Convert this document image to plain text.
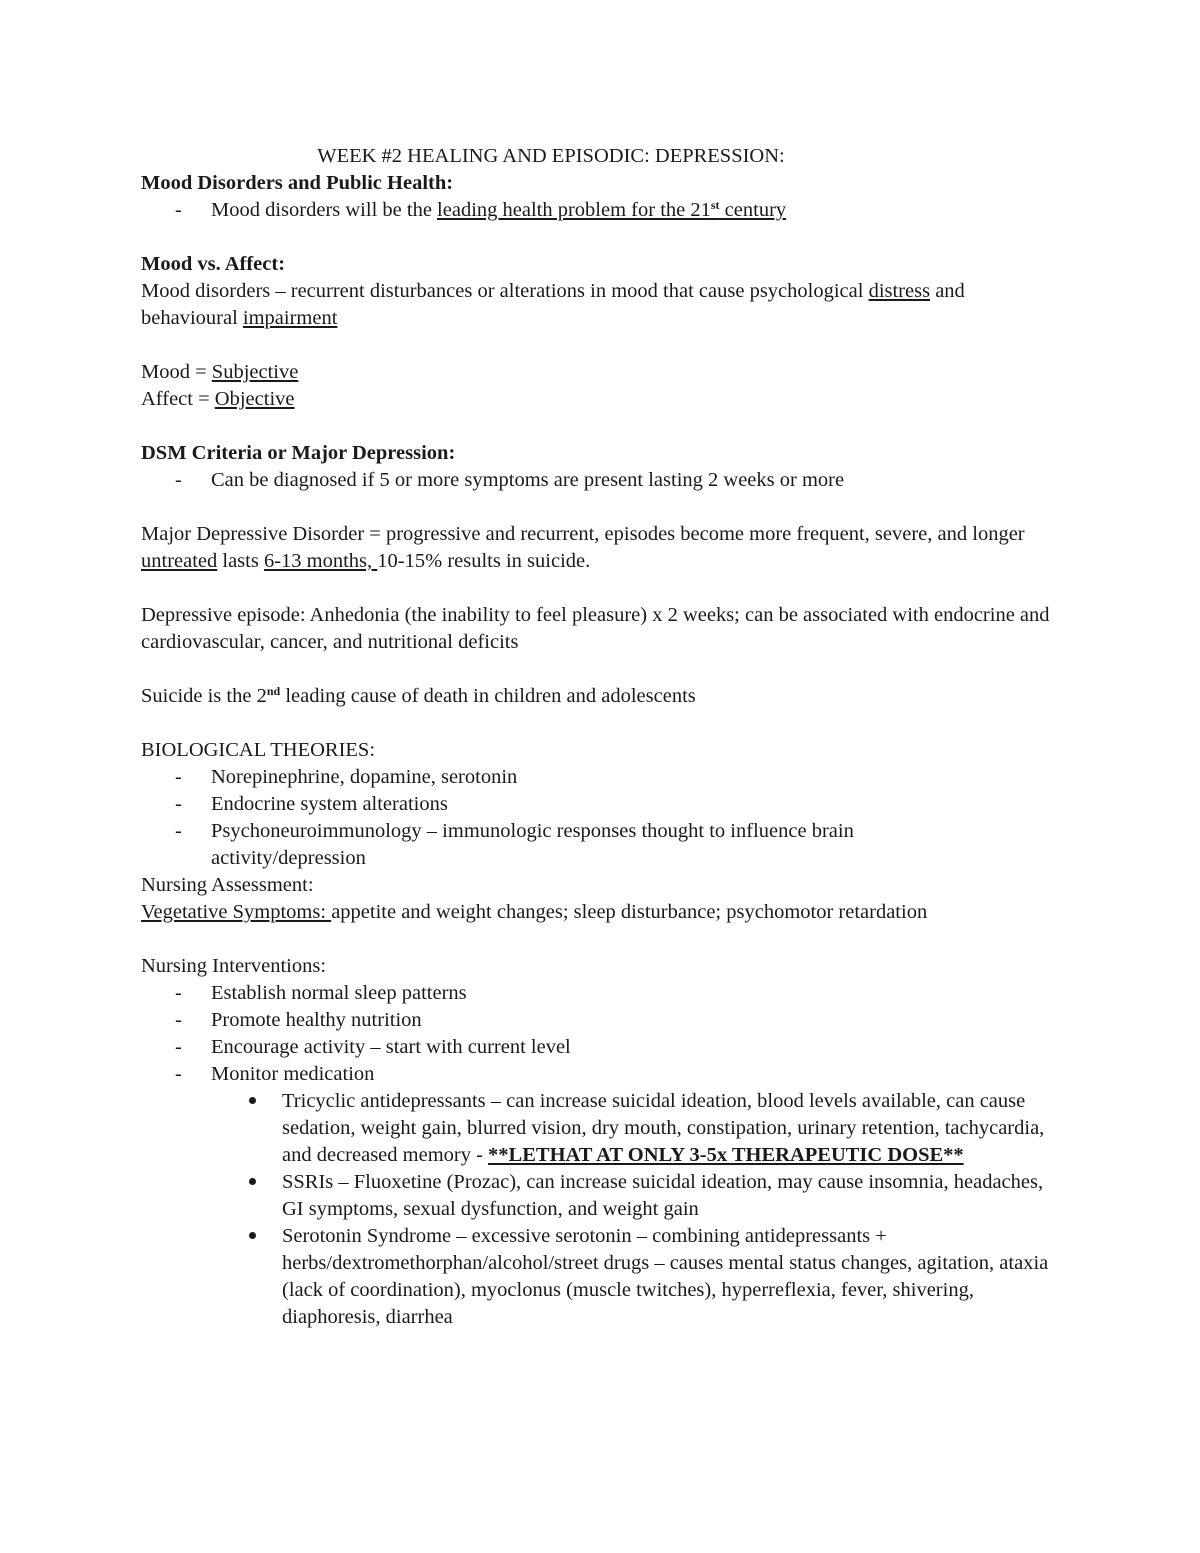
WEEK #2 HEALING AND EPISODIC: DEPRESSION:
Mood Disorders and Public Health:
- Mood disorders will be the leading health problem for the 21st century
Mood vs. Affect:
Mood disorders – recurrent disturbances or alterations in mood that cause psychological distress and behavioural impairment
Mood = Subjective
Affect = Objective
DSM Criteria or Major Depression:
- Can be diagnosed if 5 or more symptoms are present lasting 2 weeks or more
Major Depressive Disorder = progressive and recurrent, episodes become more frequent, severe, and longer untreated lasts 6-13 months, 10-15% results in suicide.
Depressive episode: Anhedonia (the inability to feel pleasure) x 2 weeks; can be associated with endocrine and cardiovascular, cancer, and nutritional deficits
Suicide is the 2nd leading cause of death in children and adolescents
BIOLOGICAL THEORIES:
- Norepinephrine, dopamine, serotonin
- Endocrine system alterations
- Psychoneuroimmunology – immunologic responses thought to influence brain activity/depression
Nursing Assessment:
Vegetative Symptoms: appetite and weight changes; sleep disturbance; psychomotor retardation
Nursing Interventions:
- Establish normal sleep patterns
- Promote healthy nutrition
- Encourage activity – start with current level
- Monitor medication
Tricyclic antidepressants – can increase suicidal ideation, blood levels available, can cause sedation, weight gain, blurred vision, dry mouth, constipation, urinary retention, tachycardia, and decreased memory - **LETHAT AT ONLY 3-5x THERAPEUTIC DOSE**
SSRIs – Fluoxetine (Prozac), can increase suicidal ideation, may cause insomnia, headaches, GI symptoms, sexual dysfunction, and weight gain
Serotonin Syndrome – excessive serotonin – combining antidepressants + herbs/dextromethorphan/alcohol/street drugs – causes mental status changes, agitation, ataxia (lack of coordination), myoclonus (muscle twitches), hyperreflexia, fever, shivering, diaphoresis, diarrhea
